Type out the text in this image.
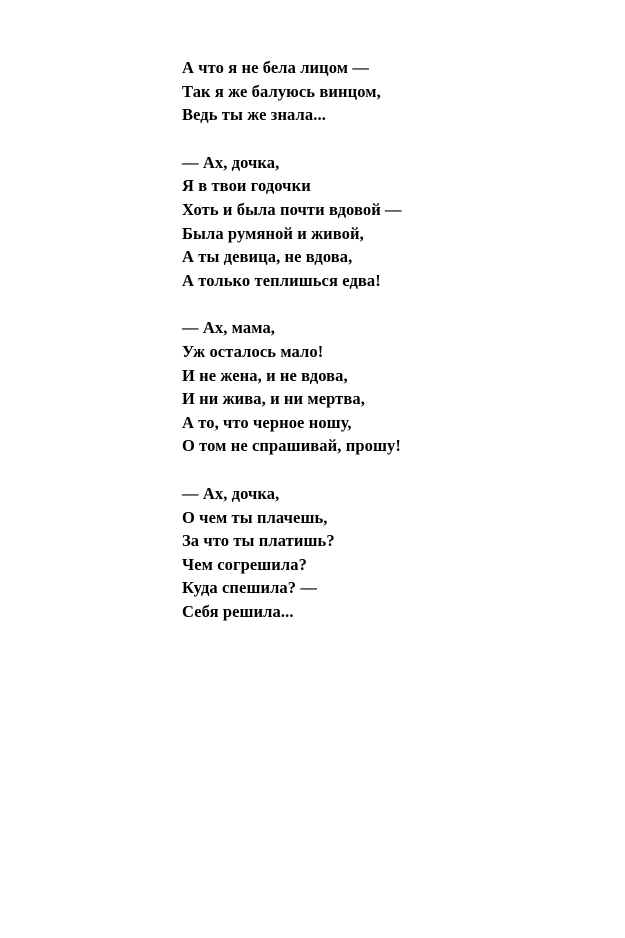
А что я не бела лицом —
Так я же балуюсь винцом,
Ведь ты же знала...
— Ах, дочка,
Я в твои годочки
Хоть и была почти вдовой —
Была румяной и живой,
А ты девица, не вдова,
А только теплишься едва!
— Ах, мама,
Уж осталось мало!
И не жена, и не вдова,
И ни жива, и ни мертва,
А то, что черное ношу,
О том не спрашивай, прошу!
— Ах, дочка,
О чем ты плачешь,
За что ты платишь?
Чем согрешила?
Куда спешила? —
Себя решила...
